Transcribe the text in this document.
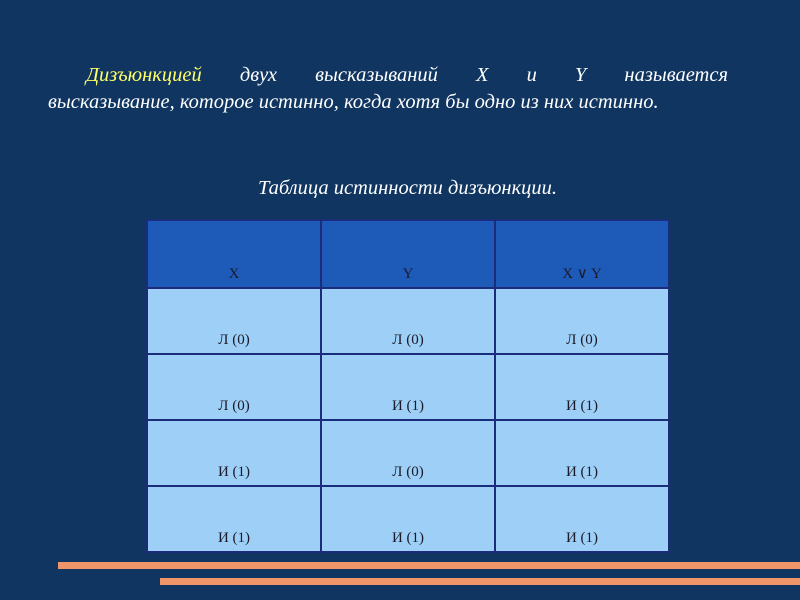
Дизъюнкцией двух высказываний X и Y называется
высказывание, которое истинно, когда хотя бы одно из них истинно.
Таблица истинности дизъюнкции.
X	Y	X ∨ Y
Л (0)	Л (0)	Л (0)
Л (0)	И (1)	И (1)
И (1)	Л (0)	И (1)
И (1)	И (1)	И (1)
